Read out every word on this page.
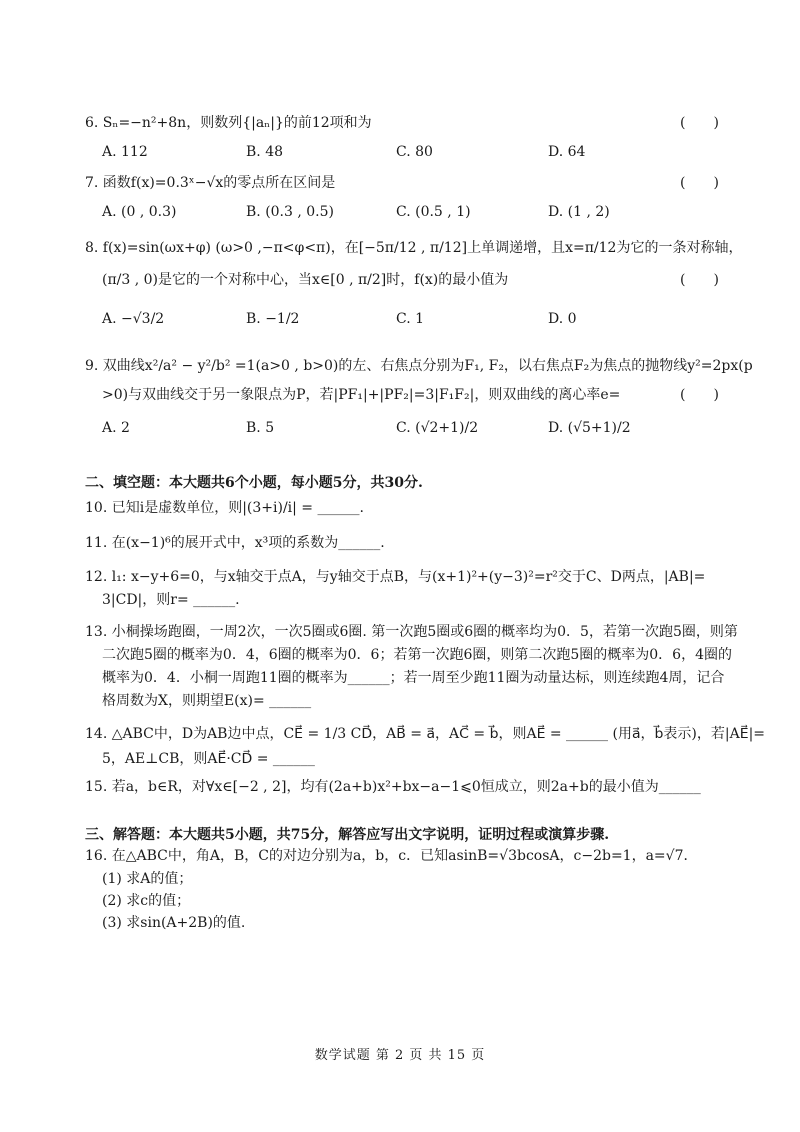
6. Sₙ=−n²+8n，则数列{|aₙ|}的前12项和为	(　　)
A. 112	B. 48	C. 80	D. 64
7. 函数f(x)=0.3ˣ−√x的零点所在区间是	(　　)
A. (0 , 0.3)	B. (0.3 , 0.5)	C. (0.5 , 1)	D. (1 , 2)
8. f(x)=sin(ωx+φ) (ω>0 ,−π<φ<π)，在[−5π/12 , π/12]上单调递增，且x=π/12为它的一条对称轴，
(π/3 , 0)是它的一个对称中心，当x∈[0 , π/2]时，f(x)的最小值为	(　　)
A. −√3/2	B. −1/2	C. 1	D. 0
9. 双曲线x²/a² − y²/b² =1(a>0 , b>0)的左、右焦点分别为F₁, F₂，以右焦点F₂为焦点的抛物线y²=2px(p
>0)与双曲线交于另一象限点为P，若|PF₁|+|PF₂|=3|F₁F₂|，则双曲线的离心率e=	(　　)
A. 2	B. 5	C. (√2+1)/2	D. (√5+1)/2
二、填空题：本大题共6个小题，每小题5分，共30分.
10. 已知i是虚数单位，则|(3+i)/i| = ______.
11. 在(x−1)⁶的展开式中，x³项的系数为______.
12. l₁: x−y+6=0，与x轴交于点A，与y轴交于点B，与(x+1)²+(y−3)²=r²交于C、D两点，|AB|=
3|CD|，则r= ______.
13. 小桐操场跑圈，一周2次，一次5圈或6圈. 第一次跑5圈或6圈的概率均为0．5，若第一次跑5圈，则第
二次跑5圈的概率为0．4，6圈的概率为0．6；若第一次跑6圈，则第二次跑5圈的概率为0．6，4圈的
概率为0．4．小桐一周跑11圈的概率为______；若一周至少跑11圈为动量达标，则连续跑4周，记合
格周数为X，则期望E(x)= ______
14. △ABC中，D为AB边中点，CE⃗ = 1/3 CD⃗，AB⃗ = a⃗，AC⃗ = b⃗，则AE⃗ = ______ (用a⃗，b⃗表示)，若|AE⃗|=
5，AE⊥CB，则AE⃗·CD⃗ = ______
15. 若a，b∈R，对∀x∈[−2 , 2]，均有(2a+b)x²+bx−a−1⩽0恒成立，则2a+b的最小值为______
三、解答题：本大题共5小题，共75分，解答应写出文字说明，证明过程或演算步骤.
16. 在△ABC中，角A，B，C的对边分别为a，b，c．已知asinB=√3bcosA，c−2b=1，a=√7．
(1) 求A的值；
(2) 求c的值；
(3) 求sin(A+2B)的值.
数学试题 第 2 页 共 15 页
